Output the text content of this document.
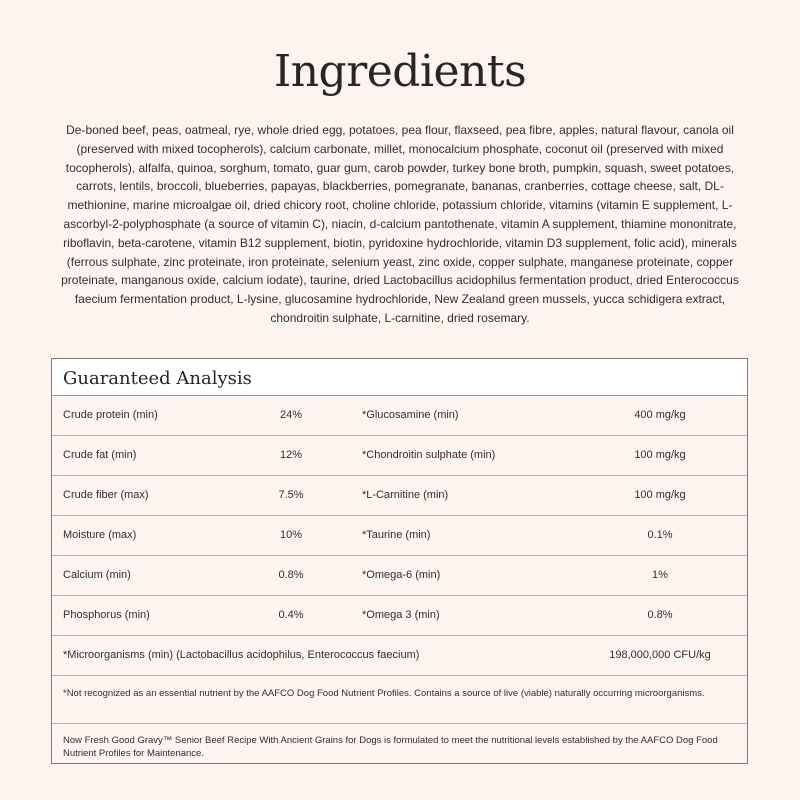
Ingredients
De-boned beef, peas, oatmeal, rye, whole dried egg, potatoes, pea flour, flaxseed, pea fibre, apples, natural flavour, canola oil (preserved with mixed tocopherols), calcium carbonate, millet, monocalcium phosphate, coconut oil (preserved with mixed tocopherols), alfalfa, quinoa, sorghum, tomato, guar gum, carob powder, turkey bone broth, pumpkin, squash, sweet potatoes, carrots, lentils, broccoli, blueberries, papayas, blackberries, pomegranate, bananas, cranberries, cottage cheese, salt, DL-methionine, marine microalgae oil, dried chicory root, choline chloride, potassium chloride, vitamins (vitamin E supplement, L-ascorbyl-2-polyphosphate (a source of vitamin C), niacin, d-calcium pantothenate, vitamin A supplement, thiamine mononitrate, riboflavin, beta-carotene, vitamin B12 supplement, biotin, pyridoxine hydrochloride, vitamin D3 supplement, folic acid), minerals (ferrous sulphate, zinc proteinate, iron proteinate, selenium yeast, zinc oxide, copper sulphate, manganese proteinate, copper proteinate, manganous oxide, calcium iodate), taurine, dried Lactobacillus acidophilus fermentation product, dried Enterococcus faecium fermentation product, L-lysine, glucosamine hydrochloride, New Zealand green mussels, yucca schidigera extract, chondroitin sulphate, L-carnitine, dried rosemary.
Guaranteed Analysis
Crude protein (min)	24%	*Glucosamine (min)	400 mg/kg
Crude fat (min)	12%	*Chondroitin sulphate (min)	100 mg/kg
Crude fiber (max)	7.5%	*L-Carnitine (min)	100 mg/kg
Moisture (max)	10%	*Taurine (min)	0.1%
Calcium (min)	0.8%	*Omega-6 (min)	1%
Phosphorus (min)	0.4%	*Omega 3 (min)	0.8%
*Microorganisms (min) (Lactobacillus acidophilus, Enterococcus faecium)	198,000,000 CFU/kg
*Not recognized as an essential nutrient by the AAFCO Dog Food Nutrient Profiles. Contains a source of live (viable) naturally occurring microorganisms.
Now Fresh Good Gravy™ Senior Beef Recipe With Ancient Grains for Dogs is formulated to meet the nutritional levels established by the AAFCO Dog Food Nutrient Profiles for Maintenance.
